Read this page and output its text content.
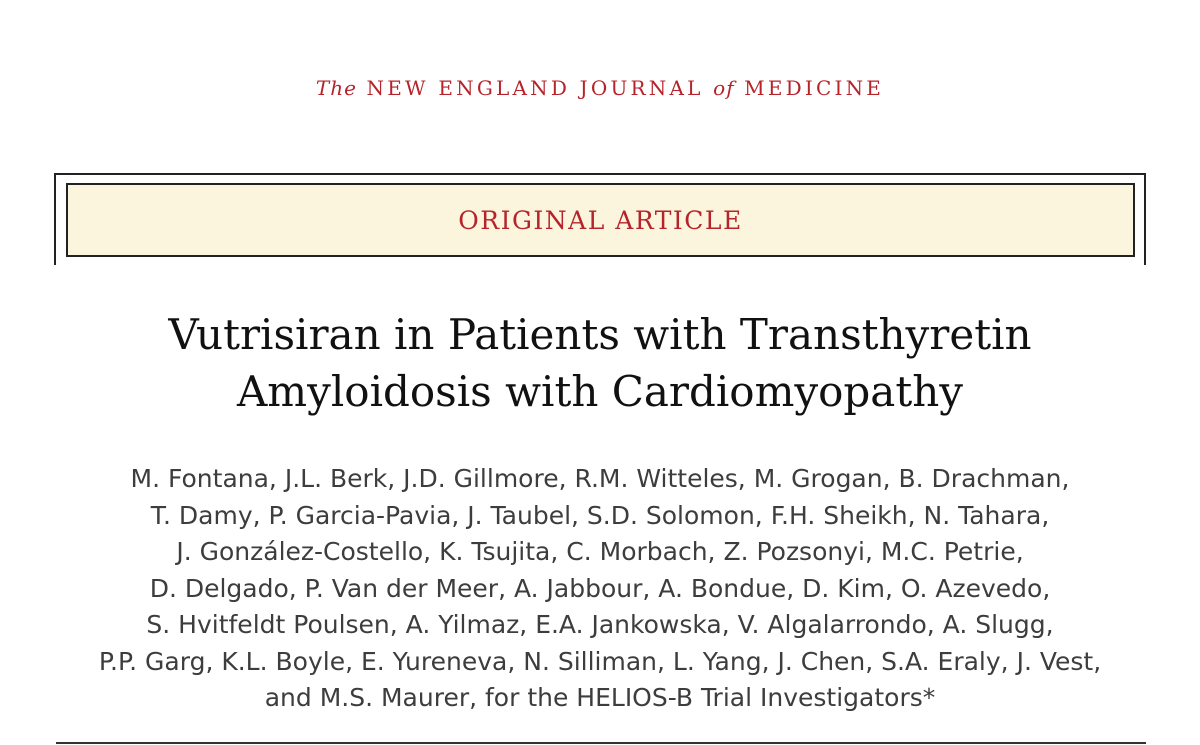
The NEW ENGLAND JOURNAL of MEDICINE
ORIGINAL ARTICLE
Vutrisiran in Patients with Transthyretin
Amyloidosis with Cardiomyopathy
M. Fontana, J.L. Berk, J.D. Gillmore, R.M. Witteles, M. Grogan, B. Drachman,
T. Damy, P. Garcia-Pavia, J. Taubel, S.D. Solomon, F.H. Sheikh, N. Tahara,
J. González-Costello, K. Tsujita, C. Morbach, Z. Pozsonyi, M.C. Petrie,
D. Delgado, P. Van der Meer, A. Jabbour, A. Bondue, D. Kim, O. Azevedo,
S. Hvitfeldt Poulsen, A. Yilmaz, E.A. Jankowska, V. Algalarrondo, A. Slugg,
P.P. Garg, K.L. Boyle, E. Yureneva, N. Silliman, L. Yang, J. Chen, S.A. Eraly, J. Vest,
and M.S. Maurer, for the HELIOS-B Trial Investigators*
